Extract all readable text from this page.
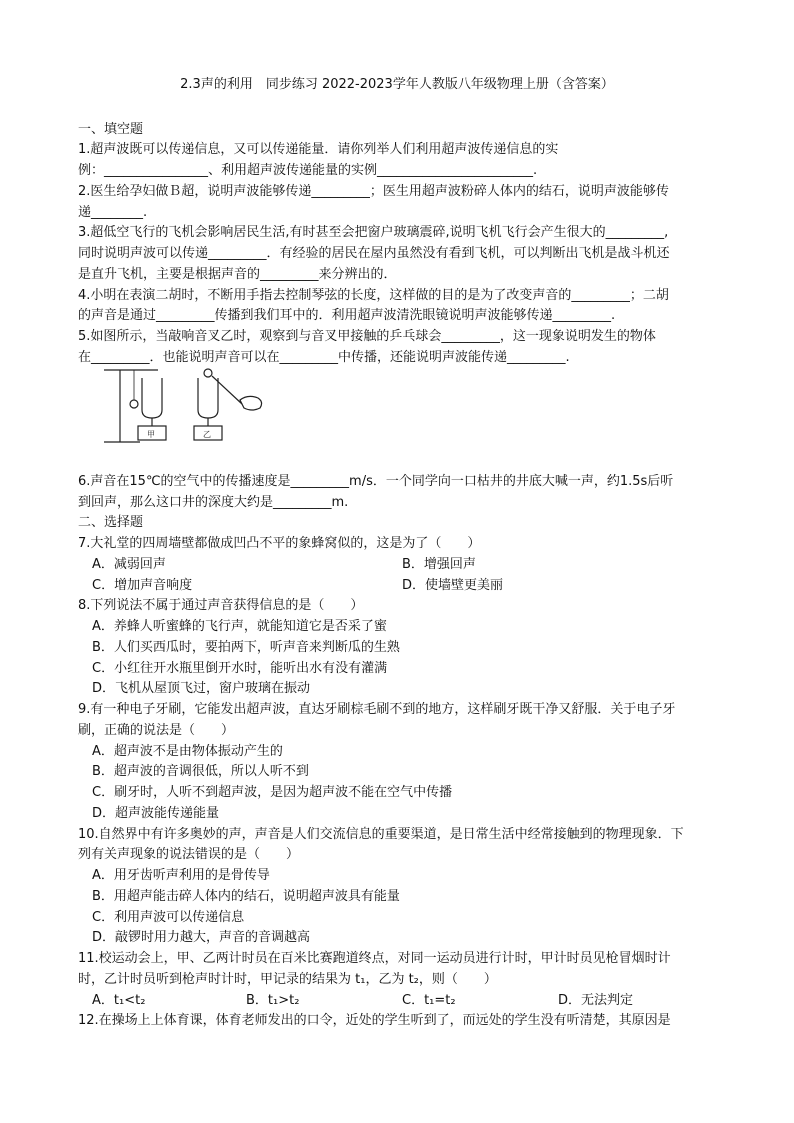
2.3声的利用　同步练习 2022-2023学年人教版八年级物理上册（含答案）
一、填空题
1.超声波既可以传递信息，又可以传递能量．请你列举人们利用超声波传递信息的实
例：________________、利用超声波传递能量的实例________________________.
2.医生给孕妇做Ｂ超，说明声波能够传递_________；医生用超声波粉碎人体内的结石，说明声波能够传
递________.
3.超低空飞行的飞机会影响居民生活,有时甚至会把窗户玻璃震碎,说明飞机飞行会产生很大的_________,
同时说明声波可以传递_________．有经验的居民在屋内虽然没有看到飞机，可以判断出飞机是战斗机还
是直升飞机，主要是根据声音的_________来分辨出的．
4.小明在表演二胡时，不断用手指去控制琴弦的长度，这样做的目的是为了改变声音的_________；二胡
的声音是通过_________传播到我们耳中的．利用超声波清洗眼镜说明声波能够传递_________.
5.如图所示，当敲响音叉乙时，观察到与音叉甲接触的乒乓球会_________，这一现象说明发生的物体
在_________．也能说明声音可以在_________中传播，还能说明声波能传递_________.
甲	乙
6.声音在15℃的空气中的传播速度是_________m/s．一个同学向一口枯井的井底大喊一声，约1.5s后听
到回声，那么这口井的深度大约是_________m.
二、选择题
7.大礼堂的四周墙壁都做成凹凸不平的象蜂窝似的，这是为了（　　）
A．减弱回声	B．增强回声
C．增加声音响度	D．使墙壁更美丽
8.下列说法不属于通过声音获得信息的是（　　）
A．养蜂人听蜜蜂的飞行声，就能知道它是否采了蜜
B．人们买西瓜时，要拍两下，听声音来判断瓜的生熟
C．小红往开水瓶里倒开水时，能听出水有没有灌满
D．飞机从屋顶飞过，窗户玻璃在振动
9.有一种电子牙刷，它能发出超声波，直达牙刷棕毛刷不到的地方，这样刷牙既干净又舒服．关于电子牙
刷，正确的说法是（　　）
A．超声波不是由物体振动产生的
B．超声波的音调很低，所以人听不到
C．刷牙时，人听不到超声波，是因为超声波不能在空气中传播
D．超声波能传递能量
10.自然界中有许多奥妙的声，声音是人们交流信息的重要渠道，是日常生活中经常接触到的物理现象．下
列有关声现象的说法错误的是（　　）
A．用牙齿听声利用的是骨传导
B．用超声能击碎人体内的结石，说明超声波具有能量
C．利用声波可以传递信息
D．敲锣时用力越大，声音的音调越高
11.校运动会上，甲、乙两计时员在百米比赛跑道终点，对同一运动员进行计时，甲计时员见枪冒烟时计
时，乙计时员听到枪声时计时，甲记录的结果为 t₁，乙为 t₂，则（　　）
A．t₁<t₂	B．t₁>t₂	C．t₁=t₂	D．无法判定
12.在操场上上体育课，体育老师发出的口令，近处的学生听到了，而远处的学生没有听清楚，其原因是
